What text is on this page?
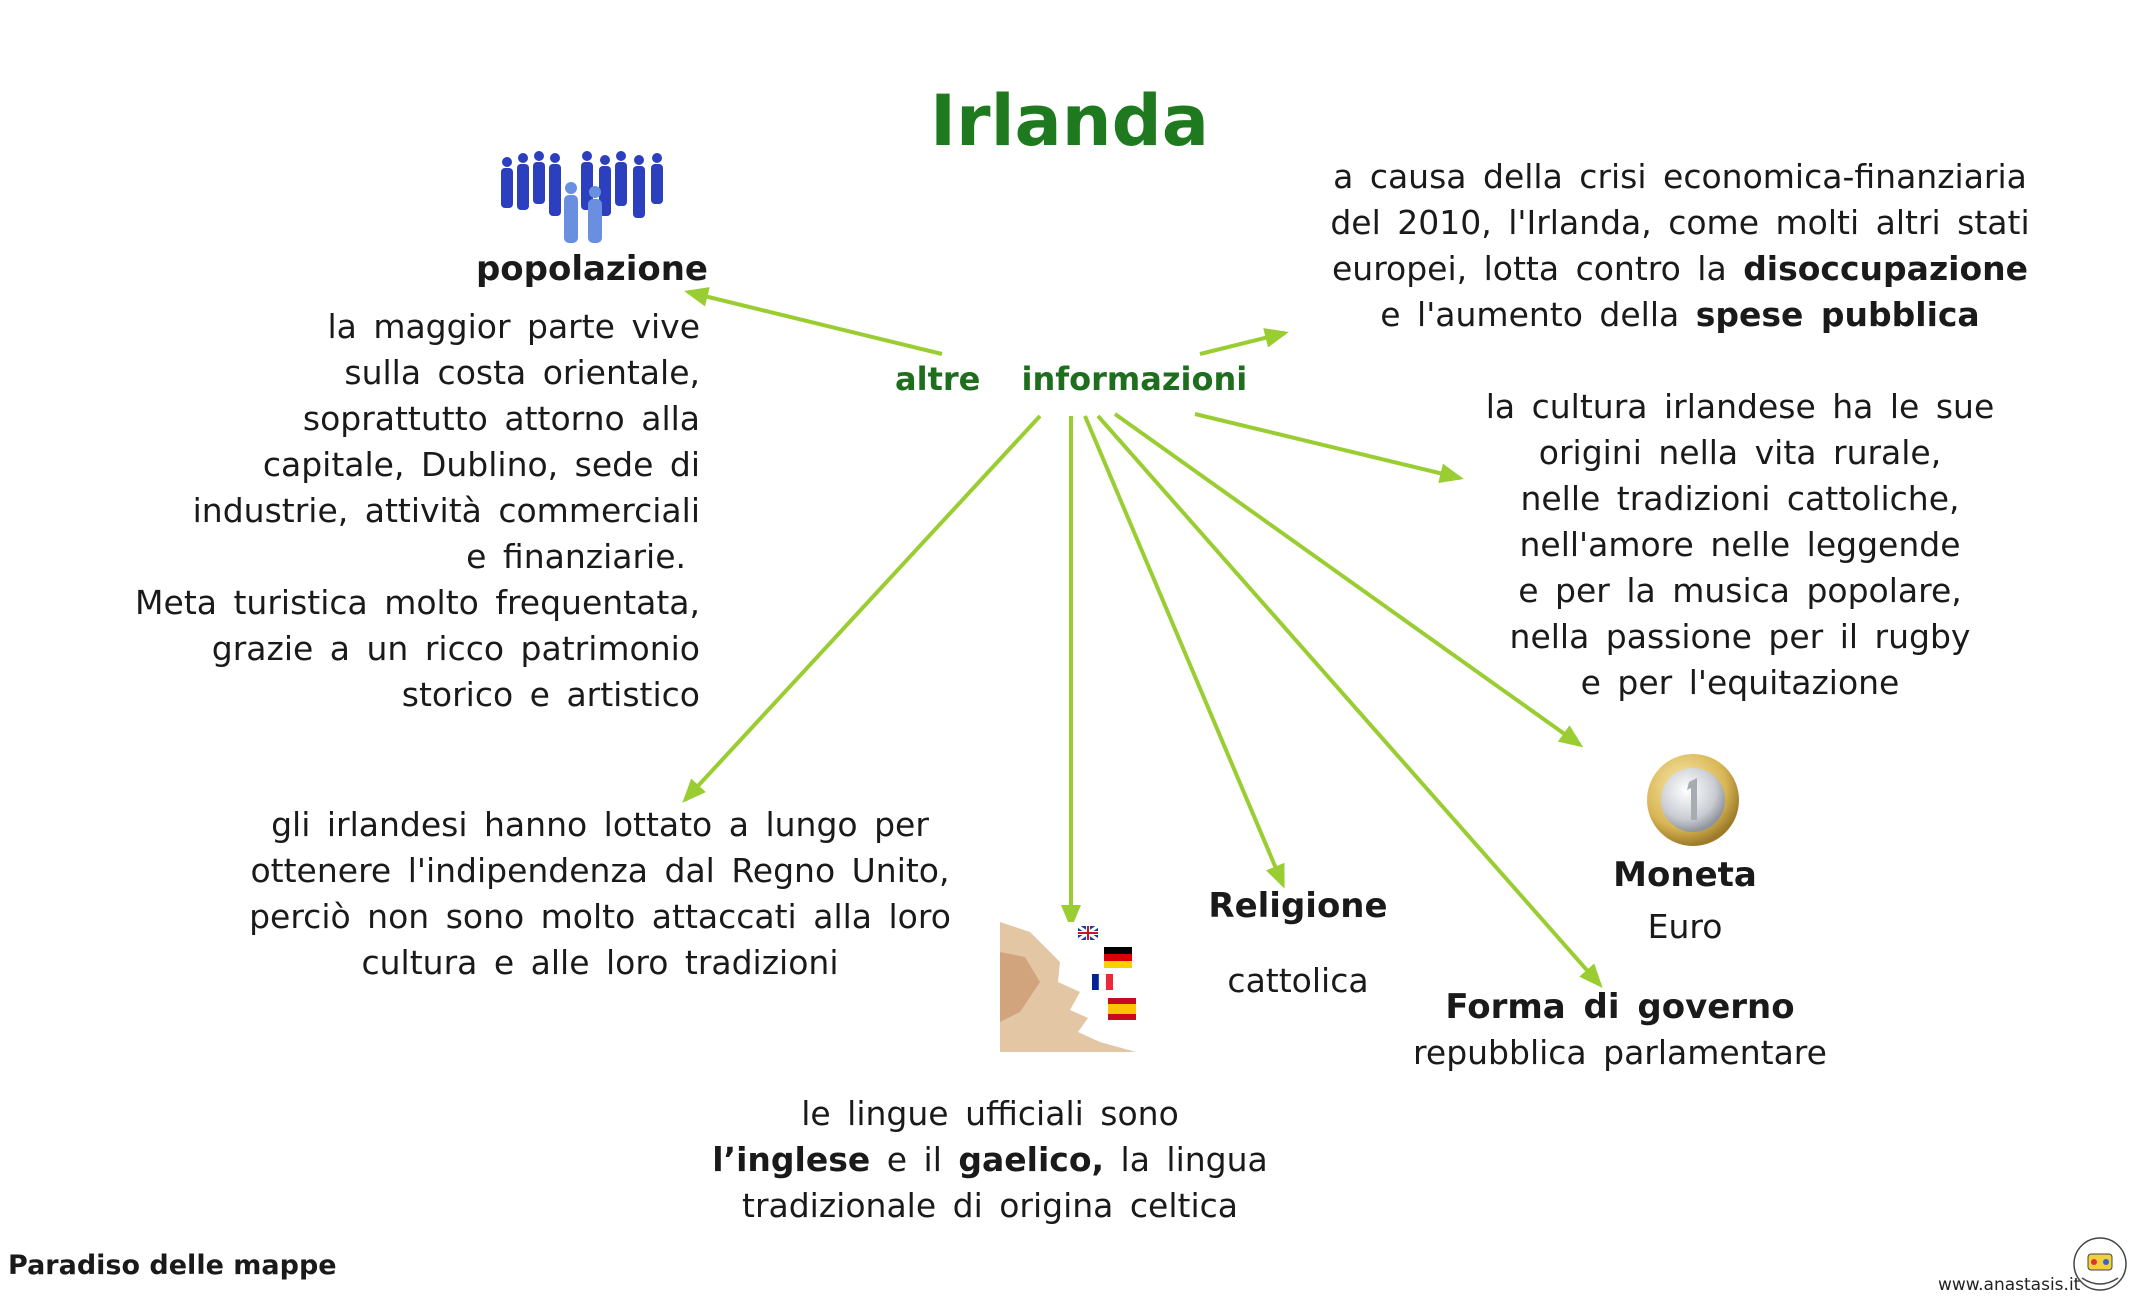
Irlanda
altre informazioni
popolazione
la maggior parte vive
sulla costa orientale,
soprattutto attorno alla
capitale, Dublino, sede di
industrie, attività commerciali
e finanziarie.
Meta turistica molto frequentata,
grazie a un ricco patrimonio
storico e artistico
a causa della crisi economica-finanziaria
del 2010, l'Irlanda, come molti altri stati
europei, lotta contro la disoccupazione
e l'aumento della spese pubblica
la cultura irlandese ha le sue
origini nella vita rurale,
nelle tradizioni cattoliche,
nell'amore nelle leggende
e per la musica popolare,
nella passione per il rugby
e per l'equitazione
gli irlandesi hanno lottato a lungo per
ottenere l'indipendenza dal Regno Unito,
perciò non sono molto attaccati alla loro
cultura e alle loro tradizioni
le lingue ufficiali sono
l’inglese e il gaelico, la lingua
tradizionale di origina celtica
Religione
cattolica
Moneta
Euro
Forma di governo
repubblica parlamentare
Paradiso delle mappe
www.anastasis.it
